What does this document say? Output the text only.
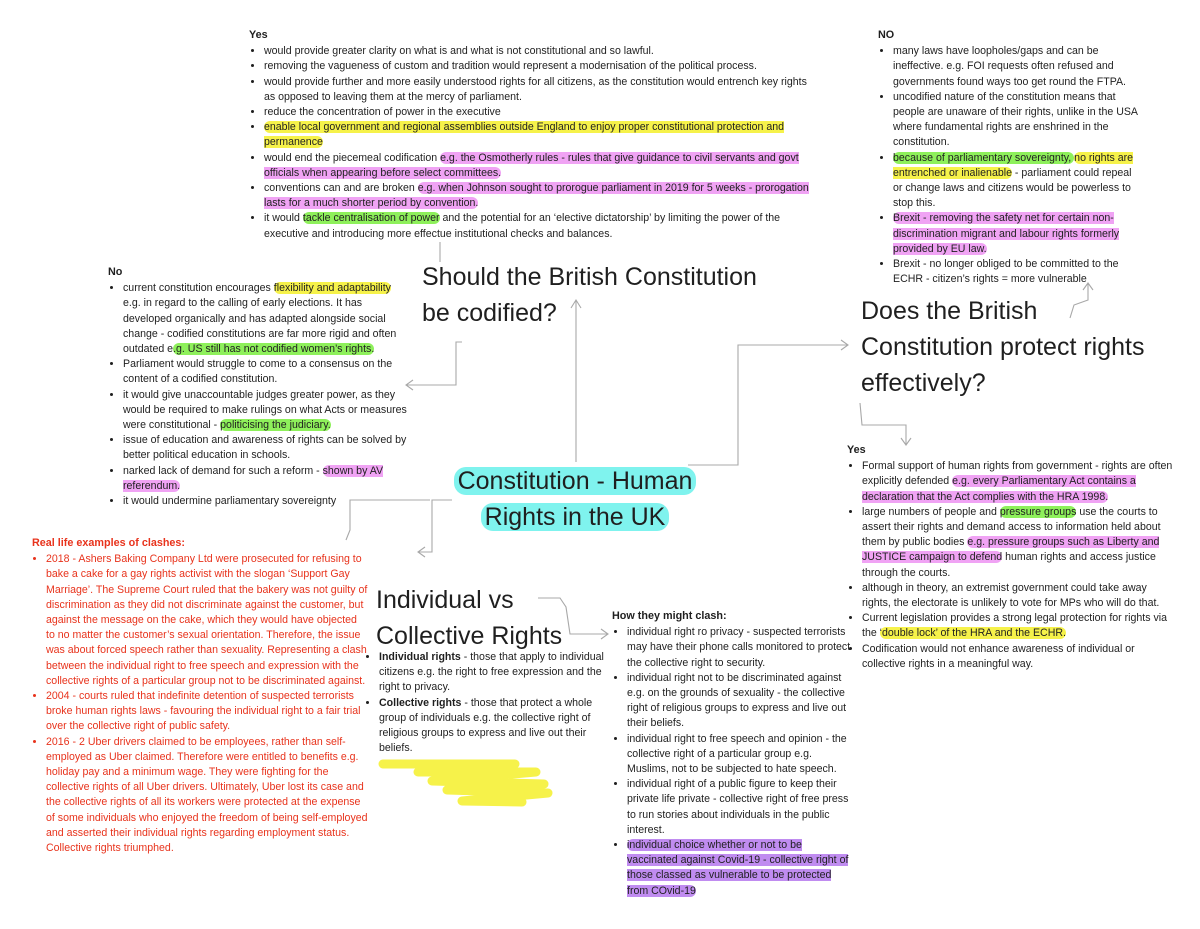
Yes
• would provide greater clarity on what is and what is not constitutional and so lawful.
• removing the vagueness of custom and tradition would represent a modernisation of the political process.
• would provide further and more easily understood rights for all citizens, as the constitution would entrench key rights as opposed to leaving them at the mercy of parliament.
• reduce the concentration of power in the executive
• enable local government and regional assemblies outside England to enjoy proper constitutional protection and permanence
• would end the piecemeal codification e.g. the Osmotherly rules - rules that give guidance to civil servants and govt officials when appearing before select committees.
• conventions can and are broken e.g. when Johnson sought to prorogue parliament in 2019 for 5 weeks - prorogation lasts for a much shorter period by convention.
• it would tackle centralisation of power and the potential for an ‘elective dictatorship’ by limiting the power of the executive and introducing more effectue institutional checks and balances.
Should the British Constitution
be codified?
No
• current constitution encourages flexibility and adaptability e.g. in regard to the calling of early elections. It has developed organically and has adapted alongside social change - codified constitutions are far more rigid and often outdated e.g. US still has not codified women’s rights.
• Parliament would struggle to come to a consensus on the content of a codified constitution.
• it would give unaccountable judges greater power, as they would be required to make rulings on what Acts or measures were constitutional - politicising the judiciary.
• issue of education and awareness of rights can be solved by better political education in schools.
• narked lack of demand for such a reform - shown by AV referendum.
• it would undermine parliamentary sovereignty
NO
• many laws have loopholes/gaps and can be ineffective. e.g. FOI requests often refused and governments found ways too get round the FTPA.
• uncodified nature of the constitution means that people are unaware of their rights, unlike in the USA where fundamental rights are enshrined in the constitution.
• because of parliamentary sovereignty, no rights are entrenched or inalienable - parliament could repeal or change laws and citizens would be powerless to stop this.
• Brexit - removing the safety net for certain non-discrimination migrant and labour rights formerly provided by EU law.
• Brexit - no longer obliged to be committed to the ECHR - citizen’s rights = more vulnerable
Does the British
Constitution protect rights
effectively?
Yes
• Formal support of human rights from government - rights are often explicitly defended e.g. every Parliamentary Act contains a declaration that the Act complies with the HRA 1998.
• large numbers of people and pressure groups use the courts to assert their rights and demand access to information held about them by public bodies e.g. pressure groups such as Liberty and JUSTICE campaign to defend human rights and access justice through the courts.
• although in theory, an extremist government could take away rights, the electorate is unlikely to vote for MPs who will do that.
• Current legislation provides a strong legal protection for rights via the ‘double lock’ of the HRA and the ECHR.
• Codification would not enhance awareness of individual or collective rights in a meaningful way.
Constitution - Human
Rights in the UK
Individual vs
Collective Rights
• Individual rights - those that apply to individual citizens e.g. the right to free expression and the right to privacy.
• Collective rights - those that protect a whole group of individuals e.g. the collective right of religious groups to express and live out their beliefs.
How they might clash:
• individual right ro privacy - suspected terrorists may have their phone calls monitored to protect the collective right to security.
• individual right not to be discriminated against e.g. on the grounds of sexuality - the collective right of religious groups to express and live out their beliefs.
• individual right to free speech and opinion - the collective right of a particular group e.g. Muslims, not to be subjected to hate speech.
• individual right of a public figure to keep their private life private - collective right of free press to run stories about individuals in the public interest.
• individual choice whether or not to be vaccinated against Covid-19 - collective right of those classed as vulnerable to be protected from COvid-19
Real life examples of clashes:
• 2018 - Ashers Baking Company Ltd were prosecuted for refusing to bake a cake for a gay rights activist with the slogan ‘Support Gay Marriage’. The Supreme Court ruled that the bakery was not guilty of discrimination as they did not discriminate against the customer, but against the message on the cake, which they would have objected to no matter the customer’s sexual orientation. Therefore, the issue was about forced speech rather than sexuality. Representing a clash between the individual right to free speech and expression with the collective rights of a particular group not to be discriminated against.
• 2004 - courts ruled that indefinite detention of suspected terrorists broke human rights laws - favouring the individual right to a fair trial over the collective right of public safety.
• 2016 - 2 Uber drivers claimed to be employees, rather than self-employed as Uber claimed. Therefore were entitled to benefits e.g. holiday pay and a minimum wage. They were fighting for the collective rights of all Uber drivers. Ultimately, Uber lost its case and the collective rights of all its workers were protected at the expense of some individuals who enjoyed the freedom of being self-employed and asserted their individual rights regarding employment status. Collective rights triumphed.
